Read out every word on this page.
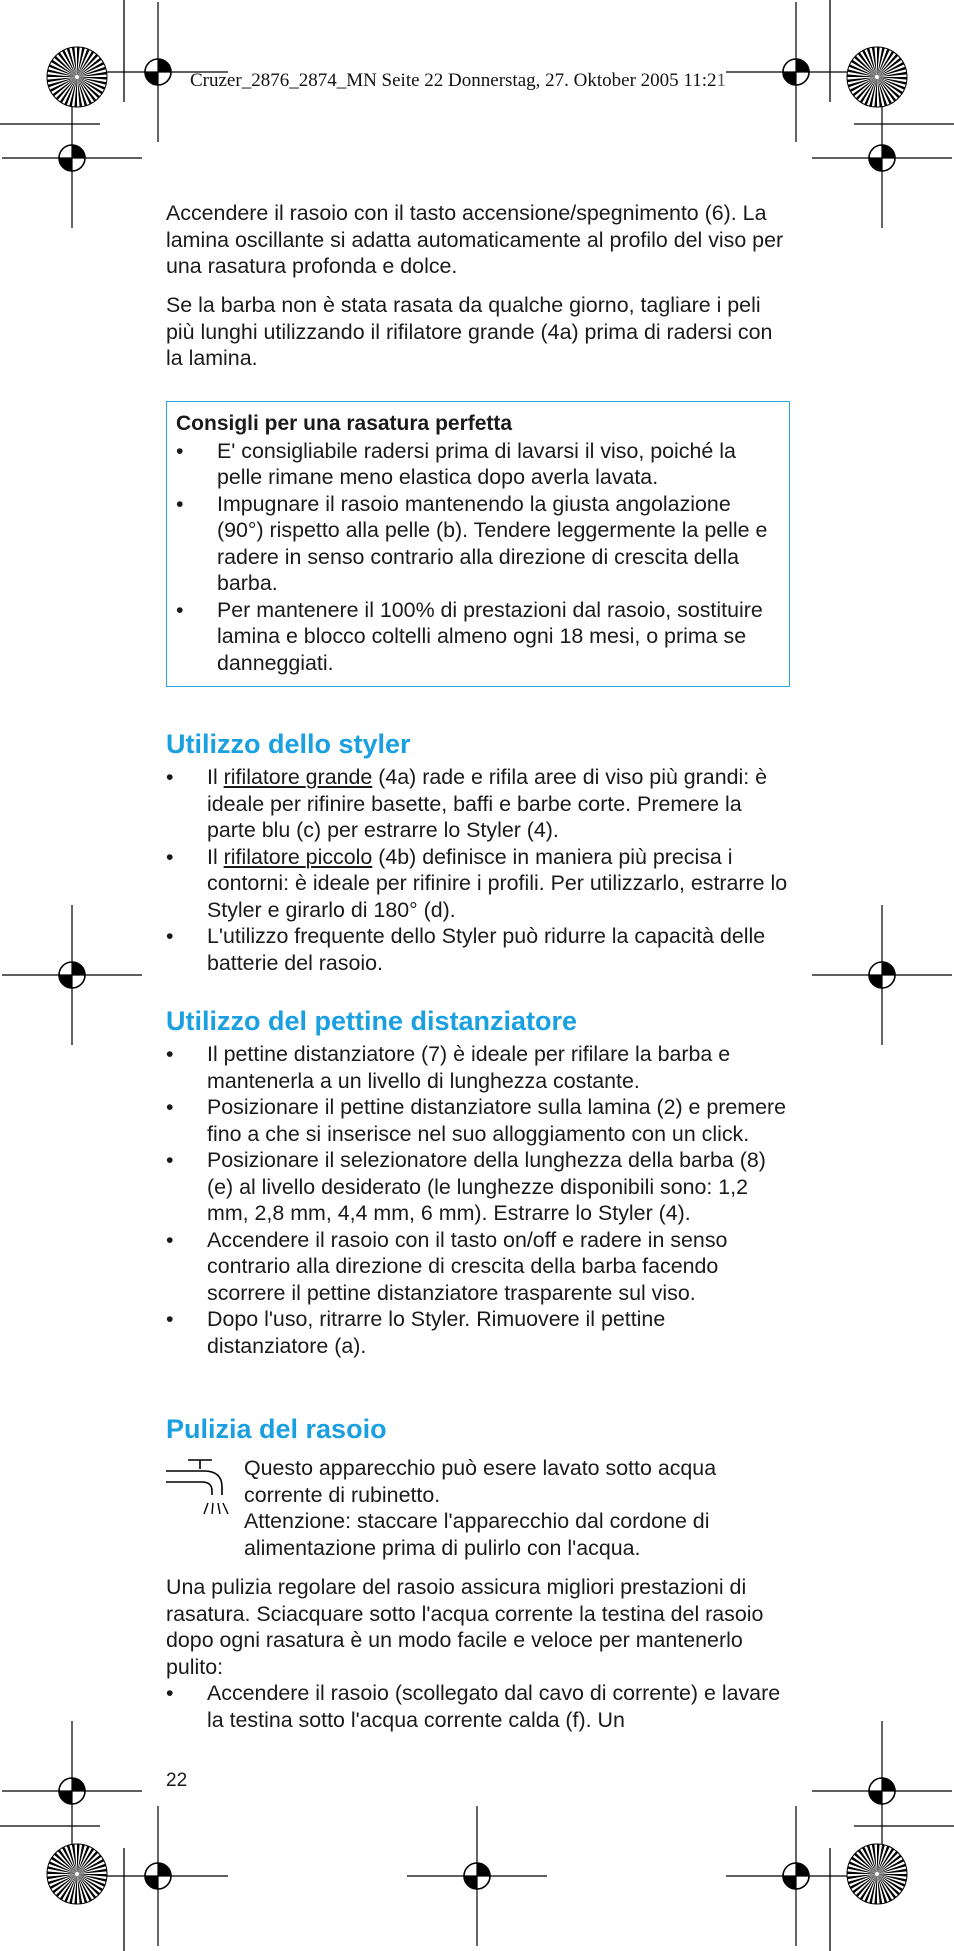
Cruzer_2876_2874_MN Seite 22 Donnerstag, 27. Oktober 2005 11:21

Accendere il rasoio con il tasto accensione/spegnimento (6). La lamina oscillante si adatta automaticamente al profilo del viso per una rasatura profonda e dolce.

Se la barba non è stata rasata da qualche giorno, tagliare i peli più lunghi utilizzando il rifilatore grande (4a) prima di radersi con la lamina.

Consigli per una rasatura perfetta
• E' consigliabile radersi prima di lavarsi il viso, poiché la pelle rimane meno elastica dopo averla lavata.
• Impugnare il rasoio mantenendo la giusta angolazione (90°) rispetto alla pelle (b). Tendere leggermente la pelle e radere in senso contrario alla direzione di crescita della barba.
• Per mantenere il 100% di prestazioni dal rasoio, sostituire lamina e blocco coltelli almeno ogni 18 mesi, o prima se danneggiati.
Utilizzo dello styler
• Il rifilatore grande (4a) rade e rifila aree di viso più grandi: è ideale per rifinire basette, baffi e barbe corte. Premere la parte blu (c) per estrarre lo Styler (4).
• Il rifilatore piccolo (4b) definisce in maniera più precisa i contorni: è ideale per rifinire i profili. Per utilizzarlo, estrarre lo Styler e girarlo di 180° (d).
• L'utilizzo frequente dello Styler può ridurre la capacità delle batterie del rasoio.
Utilizzo del pettine distanziatore
• Il pettine distanziatore (7) è ideale per rifilare la barba e mantenerla a un livello di lunghezza costante.
• Posizionare il pettine distanziatore sulla lamina (2) e premere fino a che si inserisce nel suo alloggiamento con un click.
• Posizionare il selezionatore della lunghezza della barba (8) (e) al livello desiderato (le lunghezze disponibili sono: 1,2 mm, 2,8 mm, 4,4 mm, 6 mm). Estrarre lo Styler (4).
• Accendere il rasoio con il tasto on/off e radere in senso contrario alla direzione di crescita della barba facendo scorrere il pettine distanziatore trasparente sul viso.
• Dopo l'uso, ritrarre lo Styler. Rimuovere il pettine distanziatore (a).
Pulizia del rasoio

Questo apparecchio può esere lavato sotto acqua corrente di rubinetto.

Attenzione: staccare l'apparecchio dal cordone di alimentazione prima di pulirlo con l'acqua.

Una pulizia regolare del rasoio assicura migliori prestazioni di rasatura. Sciacquare sotto l'acqua corrente la testina del rasoio dopo ogni rasatura è un modo facile e veloce per mantenerlo pulito:

• Accendere il rasoio (scollegato dal cavo di corrente) e lavare la testina sotto l'acqua corrente calda (f). Un
22
